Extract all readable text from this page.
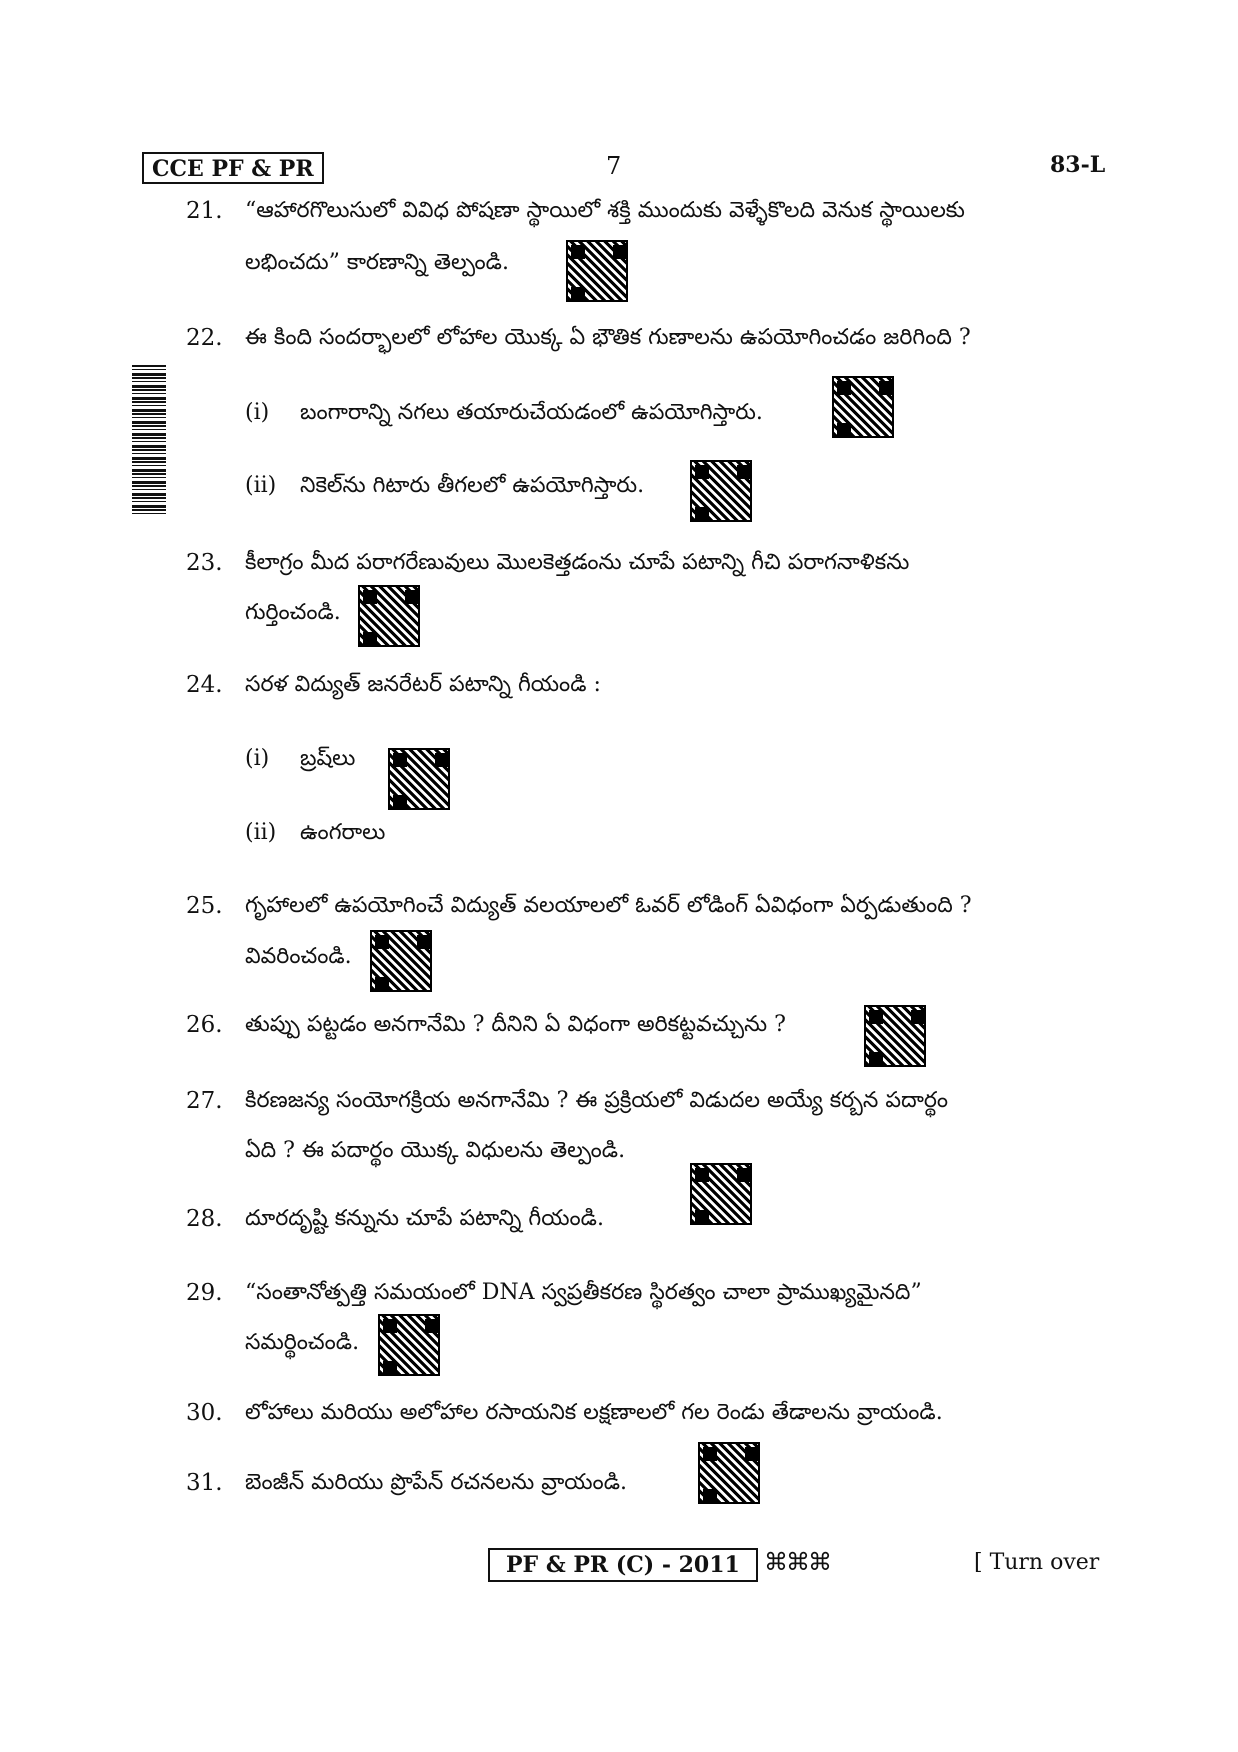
CCE PF & PR	7	83-L
21. “ఆహారగొలుసులో వివిధ పోషణా స్థాయిలో శక్తి ముందుకు వెళ్ళేకొలది వెనుక స్థాయిలకు
లభించదు” కారణాన్ని తెల్పండి.
22. ఈ కింది సందర్భాలలో లోహాల యొక్క ఏ భౌతిక గుణాలను ఉపయోగించడం జరిగింది ?
(i) బంగారాన్ని నగలు తయారుచేయడంలో ఉపయోగిస్తారు.
(ii) నికెల్‌ను గిటారు తీగలలో ఉపయోగిస్తారు.
23. కీలాగ్రం మీద పరాగరేణువులు మొలకెత్తడంను చూపే పటాన్ని గీచి పరాగనాళికను
గుర్తించండి.
24. సరళ విద్యుత్ జనరేటర్ పటాన్ని గీయండి :
(i) బ్రష్‌లు
(ii) ఉంగరాలు
25. గృహాలలో ఉపయోగించే విద్యుత్ వలయాలలో ఓవర్ లోడింగ్ ఏవిధంగా ఏర్పడుతుంది ?
వివరించండి.
26. తుప్పు పట్టడం అనగానేమి ? దీనిని ఏ విధంగా అరికట్టవచ్చును ?
27. కిరణజన్య సంయోగక్రియ అనగానేమి ? ఈ ప్రక్రియలో విడుదల అయ్యే కర్బన పదార్థం
ఏది ? ఈ పదార్థం యొక్క విధులను తెల్పండి.
28. దూరదృష్టి కన్నును చూపే పటాన్ని గీయండి.
29. “సంతానోత్పత్తి సమయంలో DNA స్వప్రతీకరణ స్థిరత్వం చాలా ప్రాముఖ్యమైనది”
సమర్థించండి.
30. లోహాలు మరియు అలోహాల రసాయనిక లక్షణాలలో గల రెండు తేడాలను వ్రాయండి.
31. బెంజీన్ మరియు ప్రొపేన్ రచనలను వ్రాయండి.
PF & PR (C) - 2011	⌘⌘⌘	[ Turn over
